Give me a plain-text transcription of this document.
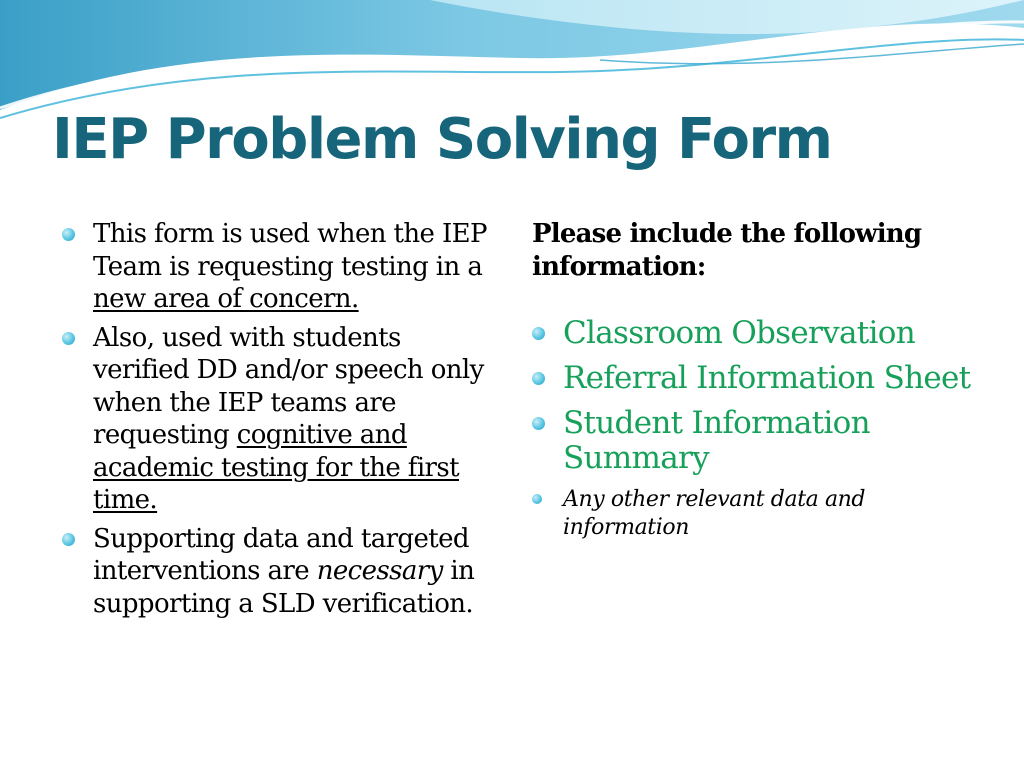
IEP Problem Solving Form
This form is used when the IEP Team is requesting testing in a new area of concern.
Also, used with students verified DD and/or speech only when the IEP teams are requesting cognitive and academic testing for the first time.
Supporting data and targeted interventions are necessary in supporting a SLD verification.
Please include the following information:
Classroom Observation
Referral Information Sheet
Student Information Summary
Any other relevant data and information
